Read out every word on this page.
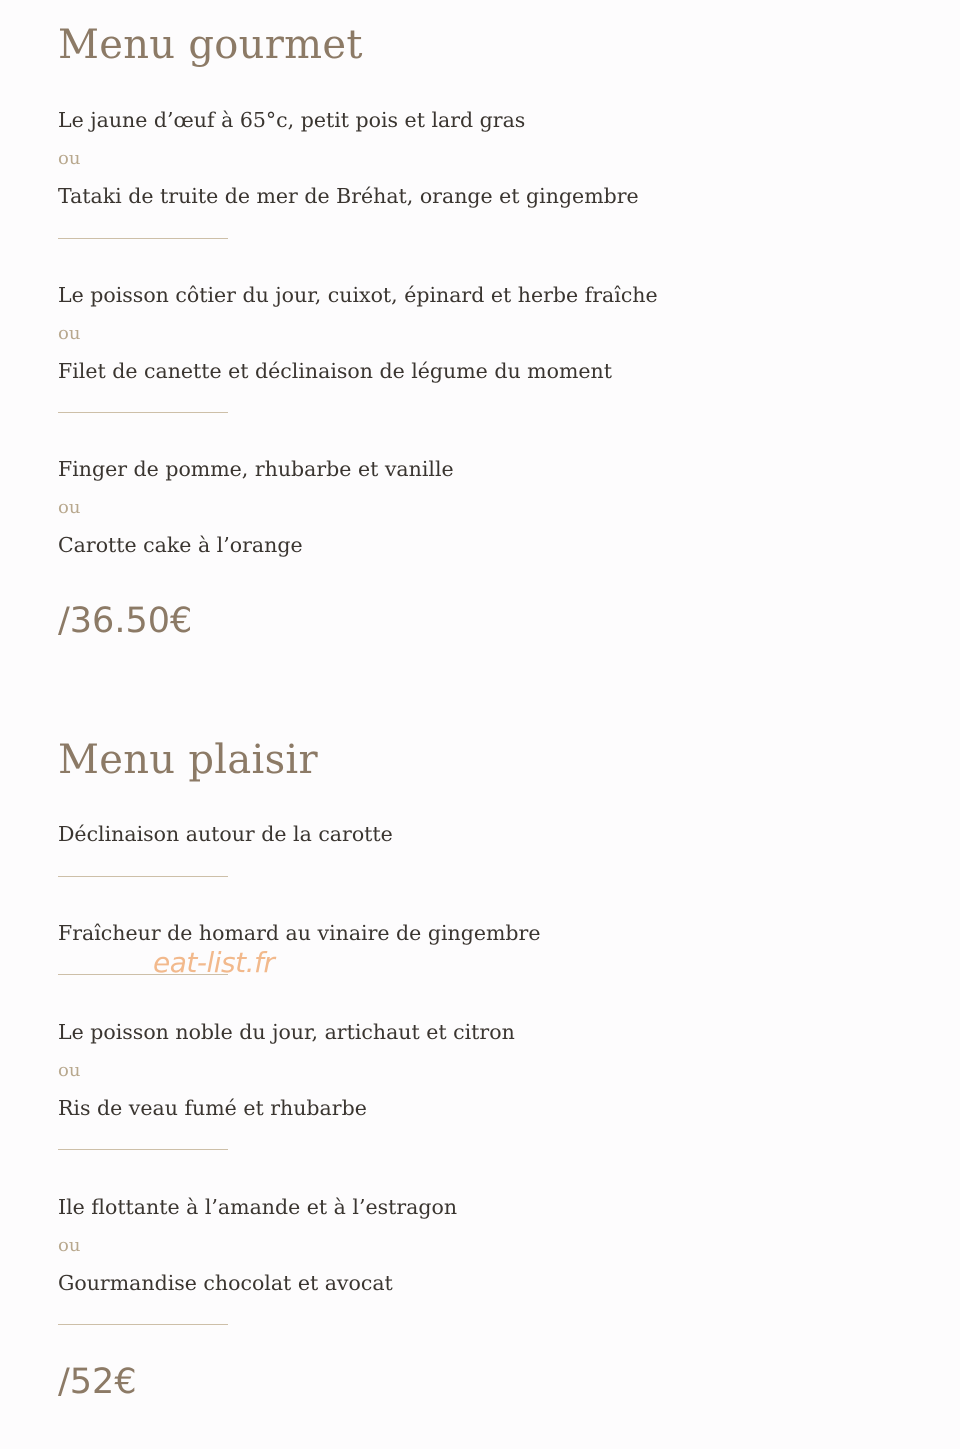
Menu gourmet
Le jaune d’œuf à 65°c, petit pois et lard gras
ou
Tataki de truite de mer de Bréhat, orange et gingembre
Le poisson côtier du jour, cuixot, épinard et herbe fraîche
ou
Filet de canette et déclinaison de légume du moment
Finger de pomme, rhubarbe et vanille
ou
Carotte cake à l’orange
/36.50€
Menu plaisir
Déclinaison autour de la carotte
Fraîcheur de homard au vinaire de gingembre
Le poisson noble du jour, artichaut et citron
ou
Ris de veau fumé et rhubarbe
Ile flottante à l’amande et à l’estragon
ou
Gourmandise chocolat et avocat
/52€
eat-list.fr
